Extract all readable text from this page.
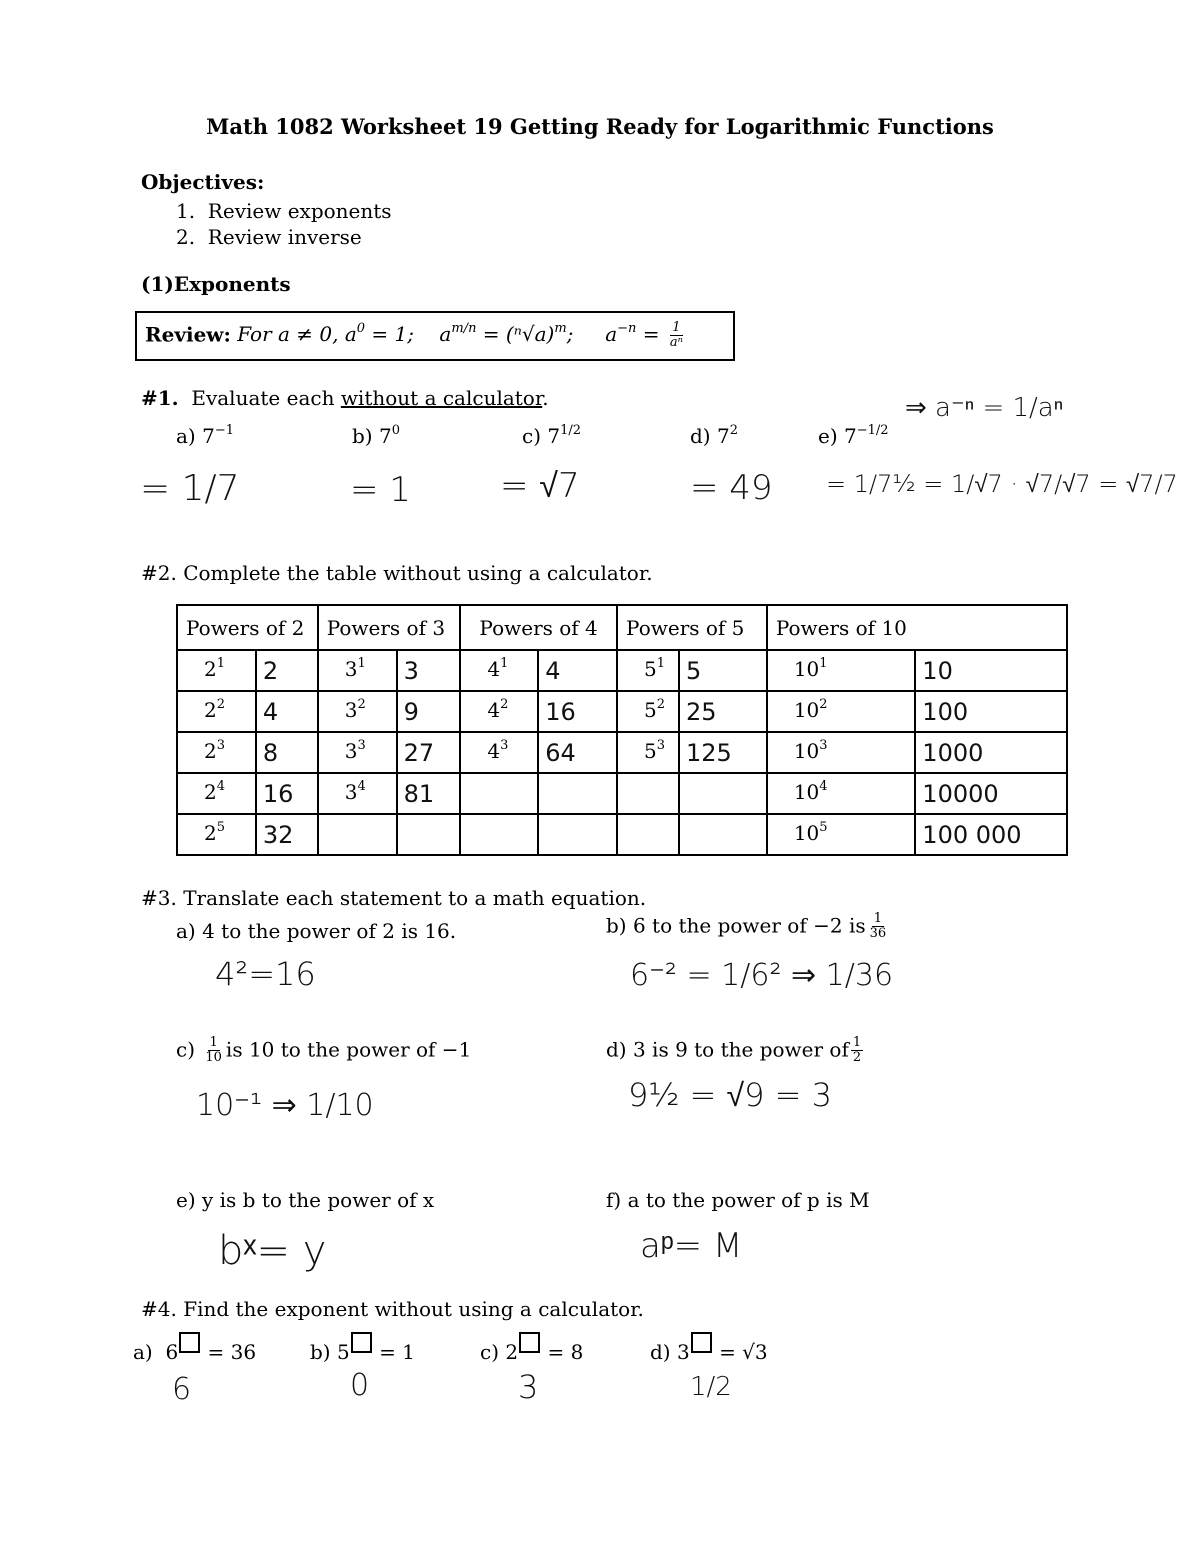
Math 1082 Worksheet 19 Getting Ready for Logarithmic Functions
Objectives:
1.  Review exponents
2.  Review inverse
(1)Exponents
Review: For a ≠ 0, $a^0 = 1$; $a^{m/n} = (^n√a)^m$; $a^{-n} = \frac{1}{\text{aⁿ}}$
#1.  Evaluate each without a calculator.
a) $7^{-1}$	b) $7^0$	c) $7^{1/2}$	d) $7^2$	e) $7^{-1/2}$
⇒ a⁻ⁿ = 1/aⁿ
= 1/7	= 1	= √7	= 49 = 1/7½ = 1/√7 · √7/√7 = √7/7
#2. Complete the table without using a calculator.
Powers of 2		Powers of 3		Powers of 4		Powers of 5		Powers of 10	
$2^1$	2	$3^1$	3	$4^1$	4	$5^1$	5	$10^1$	10
$2^2$	4	$3^2$	9	$4^2$	16	$5^2$	25	$10^2$	100
$2^3$	8	$3^3$	27	$4^3$	64	$5^3$	125	$10^3$	1000
$2^4$	16	$3^4$	81					$10^4$	10000
$2^5$	32							$10^5$	100 000
#3. Translate each statement to a math equation.
a) 4 to the power of 2 is 16.	b) 6 to the power of −2 is $\frac{1}{36}$
4²=16	6⁻² = 1/6² ⇒ 1/36
$c) \frac{1}{10}$ is 10 to the power of −1	d) 3 is 9 to the power of $\frac{1}{2}$
10⁻¹ ⇒ 1/10	9½ = √9 = 3
e) y is b to the power of x	f) a to the power of p is M
bˣ= y	aᵖ= M
#4. Find the exponent without using a calculator.
a) 6 = 36	b) 5 = 1	c) 2 = 8	d) 3 = √3
6	0	3	1/2
